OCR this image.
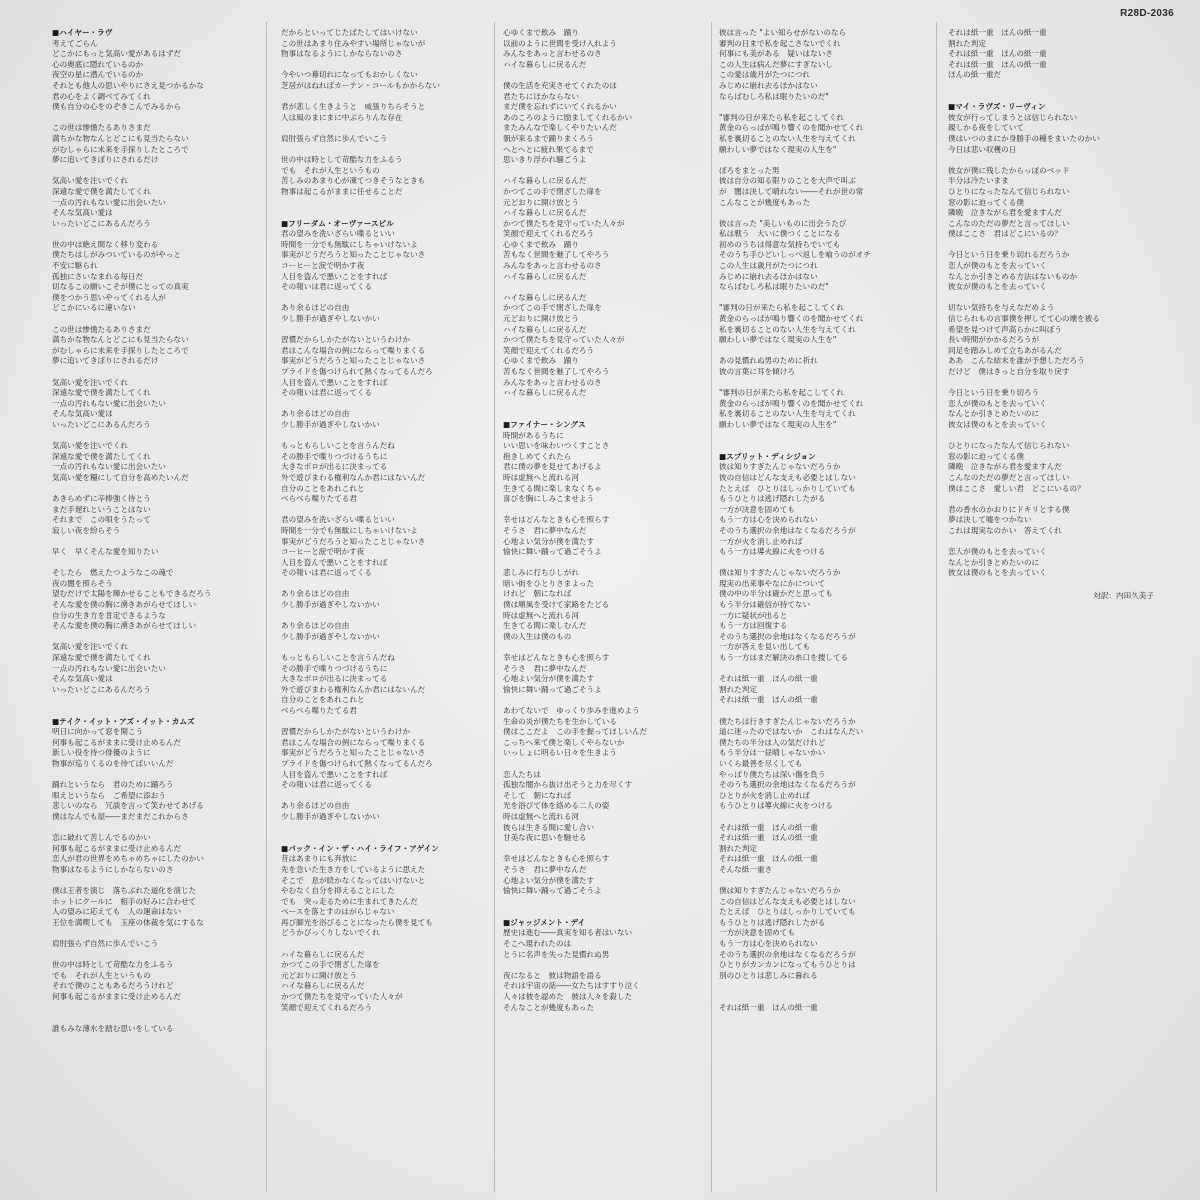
R28D-2036
■ハイヤー・ラヴ
考えてごらん
どこかにもっと気高い愛があるはずだ
心の奥底に隠れているのか
夜空の星に潜んでいるのか
それとも他人の思いやりにさえ見つかるかな
君の心をよく調べてみてくれ
僕も自分の心をのぞきこんでみるから
この世は惨憺たるありさまだ
満ちかな物なんとどこにも見当たらない
がむしゃらに未来を手探りしたところで
夢に追いてきぼりにされるだけ
気高い愛を注いでくれ
深遠な愛で僕を満たしてくれ
一点の汚れもない愛に出会いたい
そんな気高い愛は
いったいどこにあるんだろう
世の中は絶え間なく移り変わる
僕たちはしがみついているのがやっと
不安に駆られ
孤独にさいなまれる毎日だ
切なるこの願いこそが僕にとっての真実
僕をつかう思いやってくれる人が
どこかにいるに違いない
この世は惨憺たるありさまだ
満ちかな物なんとどこにも見当たらない
がむしゃらに未来を手探りしたところで
夢に追いてきぼりにされるだけ
気高い愛を注いでくれ
深遠な愛で僕を満たしてくれ
一点の汚れもない愛に出会いたい
そんな気高い愛は
いったいどこにあるんだろう
気高い愛を注いでくれ
深遠な愛で僕を満たしてくれ
一点の汚れもない愛に出会いたい
気高い愛を糧にして自分を高めたいんだ
あきらめずに辛棒強く待とう
まだ手遅れということはない
それまで　この唄をうたって
寂しい夜を紛らそう
早く　早くそんな愛を知りたい
そしたら　燃えたつようなこの魂で
夜の闇を照らそう
望むだけで太陽を輝かせることもできるだろう
そんな愛を僕の胸に湧きあがらせてほしい
自分の生き方を肯定できるような
そんな愛を僕の胸に湧きあがらせてほしい
気高い愛を注いでくれ
深遠な愛で僕を満たしてくれ
一点の汚れもない愛に出会いたい
そんな気高い愛は
いったいどこにあるんだろう
■テイク・イット・アズ・イット・カムズ
明日に向かって窓を開こう
何事も起こるがままに受け止めるんだ
新しい役を待つ俳優のように
物事が巡りくるのを待てばいいんだ
踊れというなら　君のために踊ろう
唄えというなら　ご希望に添おう
悲しいのなら　冗談を言って笑わせてあげる
僕はなんでも屋――まだまだこれからさ
恋に破れて苦しんでるのかい
何事も起こるがままに受け止めるんだ
恋人が君の世界をめちゃめちゃにしたのかい
物事はなるようにしかならないのさ
僕は王者を演じ　落ちぶれた道化を演じた
ホットにクールに　相手の好みに合わせて
人の望みに応えても　人の運命はない
王位を満喫しても　玉座の体裁を気にするな
肩肘張らず自然に歩んでいこう
世の中は時として苛酷な力をふるう
でも　それが人生というもの
それで僕のこともあるだろうけれど
何事も起こるがままに受け止めるんだ
誰もみな薄氷を踏む思いをしている
だからといってじたばたしてはいけない
この世はあまり住みやすい場所じゃないが
物事はなるようにしかならないのさ
今やいつ幕切れになってもおかしくない
芝居がはねればカーテン・コールもかからない
君が悲しく生きようと　威張りちらそうと
人は風のまにまに中ぶらりんな存在
肩肘張らず自然に歩んでいこう
世の中は時として苛酷な力をふるう
でも　それが人生というもの
苦しみのあまり心が凍てつきそうなときも
物事は起こるがままに任せることだ
■フリーダム・オーヴァースピル
君の望みを洗いざらい喋るといい
時間を一分でも無駄にしちゃいけないよ
事実がどうだろうと知ったことじゃないさ
コーヒーと涙で明かす夜
人目を盗んで悪いことをすれば
その報いは君に返ってくる
あり余るほどの自由
少し勝手が過ぎやしないかい
習慣だからしかたがないというわけか
君はこんな場合の例にならって喋りまくる
事実がどうだろうと知ったことじゃないさ
プライドを傷つけられて熱くなってるんだろ
人目を盗んで悪いことをすれば
その報いは君に返ってくる
あり余るほどの自由
少し勝手が過ぎやしないかい
もっともらしいことを言うんだね
その勝手で喋りつづけるうちに
大きなボロが出るに決まってる
外で遊びまわる権利なんか君にはないんだ
自分のことをあれこれと
べらべら喋りたてる君
君の望みを洗いざらい喋るといい
時間を一分でも無駄にしちゃいけないよ
事実がどうだろうと知ったことじゃないさ
コーヒーと涙で明かす夜
人目を盗んで悪いことをすれば
その報いは君に返ってくる
あり余るほどの自由
少し勝手が過ぎやしないかい
あり余るほどの自由
少し勝手が過ぎやしないかい
もっともらしいことを言うんだね
その勝手で喋りつづけるうちに
大きなボロが出るに決まってる
外で遊びまわる権利なんか君にはないんだ
自分のことをあれこれと
べらべら喋りたてる君
習慣だからしかたがないというわけか
君はこんな場合の例にならって喋りまくる
事実がどうだろうと知ったことじゃないさ
プライドを傷つけられて熱くなってるんだろ
人目を盗んで悪いことをすれば
その報いは君に返ってくる
あり余るほどの自由
少し勝手が過ぎやしないかい
■バック・イン・ザ・ハイ・ライフ・アゲイン
昔はあまりにも奔放に
先を急いた生き方をしているように思えた
そこで　息が続かなくなってはいけないと
やむなく自分を抑えることにした
でも　突っ走るために生まれてきたんだ
ペースを落とすのはがらじゃない
再び脚光を浴びることになったら僕を見ても
どうかびっくりしないでくれ
ハイな暮らしに戻るんだ
かつてこの手で閉ざした扉を
元どおりに開け放とう
ハイな暮らしに戻るんだ
かつて僕たちを見守っていた人々が
笑顔で迎えてくれるだろう
心ゆくまで飲み　踊り
以前のように世間を受け入れよう
みんなをあっと言わせるのさ
ハイな暮らしに戻るんだ
僕の生活を充実させてくれたのは
君たちにほかならない
まだ僕を忘れずにいてくれるかい
あのころのように励ましてくれるかい
またみんなで楽しくやりたいんだ
朝が来るまで踊りまくろう
へとへとに疲れ果てるまで
思いきり浮かれ騒ごうよ
ハイな暮らしに戻るんだ
かつてこの手で閉ざした扉を
元どおりに開け放とう
ハイな暮らしに戻るんだ
かつて僕たちを見守っていた人々が
笑顔で迎えてくれるだろう
心ゆくまで飲み　踊り
苦もなく世間を魅了してやろう
みんなをあっと言わせるのさ
ハイな暮らしに戻るんだ
ハイな暮らしに戻るんだ
かつてこの手で閉ざした扉を
元どおりに開け放とう
ハイな暮らしに戻るんだ
かつて僕たちを見守っていた人々が
笑顔で迎えてくれるだろう
心ゆくまで飲み　踊り
苦もなく世間を魅了してやろう
みんなをあっと言わせるのさ
ハイな暮らしに戻るんだ
■ファイナー・シングス
時間があるうちに
いい思いを味わいつくすことさ
抱きしめてくれたら
君に僕の夢を見せてあげるよ
時は虚無へと流れる河
生きてる間に楽しまなくちゃ
喜びを胸にしみこませよう
幸せはどんなときも心を照らす
そうさ　君に夢中なんだ
心地よい気分が僕を満たす
愉快に舞い踊って過ごそうよ
悲しみに打ちひしがれ
暗い街をひとりさまよった
けれど　朝になれば
僕は順風を受けて家路をたどる
時は虚無へと流れる河
生きてる間に楽しむんだ
僕の人生は僕のもの
幸せはどんなときも心を照らす
そうさ　君に夢中なんだ
心地よい気分が僕を満たす
愉快に舞い踊って過ごそうよ
あわてないで　ゆっくり歩みを進めよう
生命の炎が僕たちを生かしている
僕はここだよ　この手を握ってほしいんだ
こっちへ来て僕と楽しくやらないか
いっしょに明るい日々を生きよう
恋人たちは
孤独な闇から抜け出そうと力を尽くす
そして　朝になれば
光を浴びて体を絡める二人の姿
時は虚無へと流れる河
彼らは生きる間に愛し合い
甘美な夜に思いを馳せる
幸せはどんなときも心を照らす
そうさ　君に夢中なんだ
心地よい気分が僕を満たす
愉快に舞い踊って過ごそうよ
■ジャッジメント・デイ
歴史は進む――真実を知る者はいない
そこへ現われたのは
とうに名声を失った見慣れぬ男
夜になると　彼は物語を語る
それは宇宙の話――女たちはすすり泣く
人々は彼を認めた　彼は人々を殺した
そんなことが幾度もあった
彼は言った "よい知らせがないのなら
審判の日まで私を起こさないでくれ
何事にも美がある　疑いはないさ
この人生は病んだ夢にすぎないし
この愛は歳月がたつにつれ
みじめに崩れ去るほかはない
ならばむしろ私は眠りたいのだ"
"審判の日が来たら私を起こしてくれ
黄金のらっぱが鳴り響くのを聞かせてくれ
私を裏切ることのない人生を与えてくれ
願わしい夢ではなく現実の人生を"
ぼろをまとった男
彼は自分の知る限りのことを大声で叫ぶ
が　闇は決して晴れない――それが世の常
こんなことが幾度もあった
彼は言った "美しいものに出会うたび
私は戦う　大いに僕つくことになる
初めのうちは得意な気持ちでいても
そのうち手ひどいしっぺ返しを喰うのがオチ
この人生は歳月がたつにつれ
みじめに崩れ去るほかはない
ならばむしろ私は眠りたいのだ"
"審判の日が来たら私を起こしてくれ
黄金のらっぱが鳴り響くのを聞かせてくれ
私を裏切ることのない人生を与えてくれ
願わしい夢ではなく現実の人生を"
あの見慣れぬ男のために祈れ
彼の言葉に耳を傾けろ
"審判の日が来たら私を起こしてくれ
黄金のらっぱが鳴り響くのを聞かせてくれ
私を裏切ることのない人生を与えてくれ
願わしい夢ではなく現実の人生を"
■スプリット・ディシジョン
彼は知りすぎたんじゃないだろうか
彼の自信はどんな支えも必要とはしない
たとえば　ひとりはしっかりしていても
もうひとりは逃げ隠れしたがる
一方が決意を固めても
もう一方は心を決められない
そのうち選択の余地はなくなるだろうが
一方が火を消し止めれば
もう一方は導火線に火をつける
僕は知りすぎたんじゃないだろうか
現実の出来事やなにかについて
僕の中の半分は確かだと思っても
もう半分は確信が持てない
一方に疑状が出ると
もう一方は回復する
そのうち選択の余地はなくなるだろうが
一方が答えを見い出しても
もう一方はまだ解決の糸口を捜してる
それは紙一重　ほんの紙一重
割れた判定
それは紙一重　ほんの紙一重
僕たちは行きすぎたんじゃないだろうか
道に迷ったのではないか　これはなんだい
僕たちの半分は人の気だけれど
もう半分は一昼晴しゃないかい
いくら最善を尽くしても
やっぱり僕たちは深い傷を負う
そのうち選択の余地はなくなるだろうが
ひとりが火を消し止めれば
もうひとりは導火線に火をつける
それは紙一重　ほんの紙一重
それは紙一重　ほんの紙一重
割れた判定
それは紙一重　ほんの紙一重
そんな紙一重さ
僕は知りすぎたんじゃないだろうか
この自信はどんな支えも必要とはしない
たとえば　ひとりはしっかりしていても
もうひとりは逃げ隠れしたがる
一方が決意を固めても
もう一方は心を決められない
そのうち選択の余地はなくなるだろうが
ひとりがカンカンになってもうひとりは
別のひとりは悲しみに暮れる
それは紙一重　ほんの紙一重
それは紙一重　ほんの紙一重
割れた判定
それは紙一重　ほんの紙一重
それは紙一重　ほんの紙一重
ほんの紙一重だ
■マイ・ラヴズ・リーヴィン
彼女が行ってしまうとは信じられない
親しかる夜をしていて
僕はいつのまにか身勝手の種をまいたのかい
今日は悲い収穫の日
彼女が僕に残したからっぽのベッド
半分は冷たいまま
ひとりになったなんて信じられない
窓の影に迫ってくる僕
隣晩　泣きながら君を愛ますんだ
こんなのただの夢だと言ってほしい
僕はここさ　君はどこにいるの？
今日という日を乗り切れるだろうか
恋人が僕のもとを去っていく
なんとか引きとめる方法はないものか
彼女が僕のもとを去っていく
切ない気持ちを与えなだめよう
信じられもの言事僕を押してて心の壊を被る
希望を見つけて声高らかに叫ぼう
長い時間がかかるだろうが
同足を踏みしめて立ちあがるんだ
ああ　こんな結末を誰が予想しただろう
だけど　僕はきっと自分を取り戻す
今日という日を乗り切ろう
恋人が僕のもとを去っていく
なんとか引きとめたいのに
彼女は僕のもとを去っていく
ひとりになったなんて信じられない
窓の影に迫ってくる僕
隣晩　泣きながら君を愛ますんだ
こんなのただの夢だと言ってほしい
僕はここさ　愛しい君　どこにいるの？
君の香水のかおりにドキリとする僕
夢は決して嘘をつかない
これは現実なのかい　答えてくれ
恋人が僕のもとを去っていく
なんとか引きとめたいのに
彼女は僕のもとを去っていく
対訳：内田久美子
